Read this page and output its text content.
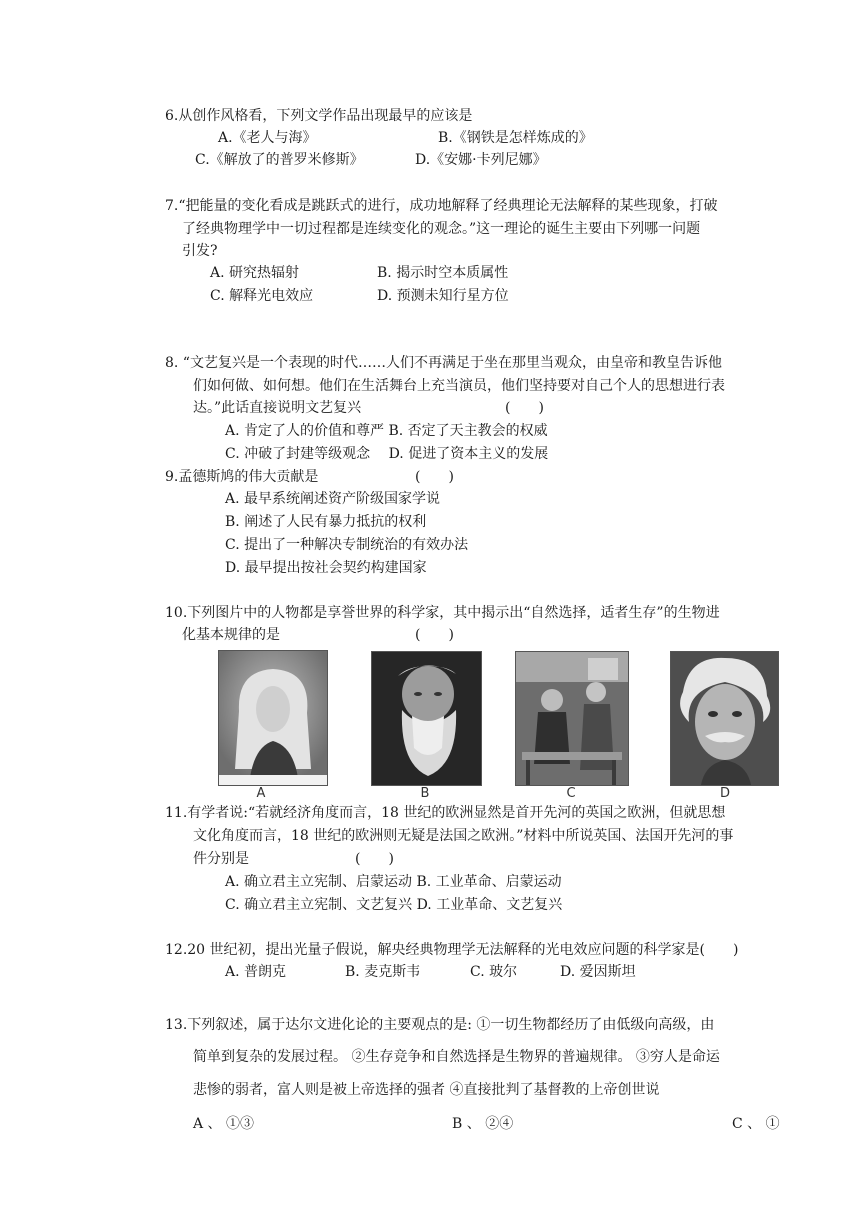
6.从创作风格看，下列文学作品出现最早的应该是
A.《老人与海》	B.《钢铁是怎样炼成的》
C.《解放了的普罗米修斯》	D.《安娜·卡列尼娜》
7.“把能量的变化看成是跳跃式的进行，成功地解释了经典理论无法解释的某些现象，打破
了经典物理学中一切过程都是连续变化的观念。”这一理论的诞生主要由下列哪一问题
引发?
A. 研究热辐射	B. 揭示时空本质属性
C. 解释光电效应	D. 预测未知行星方位
8. “文艺复兴是一个表现的时代……人们不再满足于坐在那里当观众，由皇帝和教皇告诉他
们如何做、如何想。他们在生活舞台上充当演员，他们坚持要对自己个人的思想进行表
达。”此话直接说明文艺复兴	(　　)
A. 肯定了人的价值和尊严 B. 否定了天主教会的权威
C. 冲破了封建等级观念　 D. 促进了资本主义的发展
9.孟德斯鸠的伟大贡献是	(　　)
A. 最早系统阐述资产阶级国家学说
B. 阐述了人民有暴力抵抗的权利
C. 提出了一种解决专制统治的有效办法
D. 最早提出按社会契约构建国家
10.下列图片中的人物都是享誉世界的科学家，其中揭示出“自然选择，适者生存”的生物进
化基本规律的是	(　　)
A	B	C	D
11.有学者说:“若就经济角度而言，18 世纪的欧洲显然是首开先河的英国之欧洲，但就思想
文化角度而言，18 世纪的欧洲则无疑是法国之欧洲。”材料中所说英国、法国开先河的事
件分别是	(　　)
A. 确立君主立宪制、启蒙运动 B. 工业革命、启蒙运动
C. 确立君主立宪制、文艺复兴 D. 工业革命、文艺复兴
12.20 世纪初，提出光量子假说，解央经典物理学无法解释的光电效应问题的科学家是(　　)
A. 普朗克	B. 麦克斯韦	C. 玻尔	D. 爱因斯坦
13.下列叙述，属于达尔文进化论的主要观点的是: ①一切生物都经历了由低级向高级，由
简单到复杂的发展过程。 ②生存竞争和自然选择是生物界的普遍规律。 ③穷人是命运
悲惨的弱者，富人则是被上帝选择的强者 ④直接批判了基督教的上帝创世说
A 、 ①③	B 、 ②④	C 、 ①
